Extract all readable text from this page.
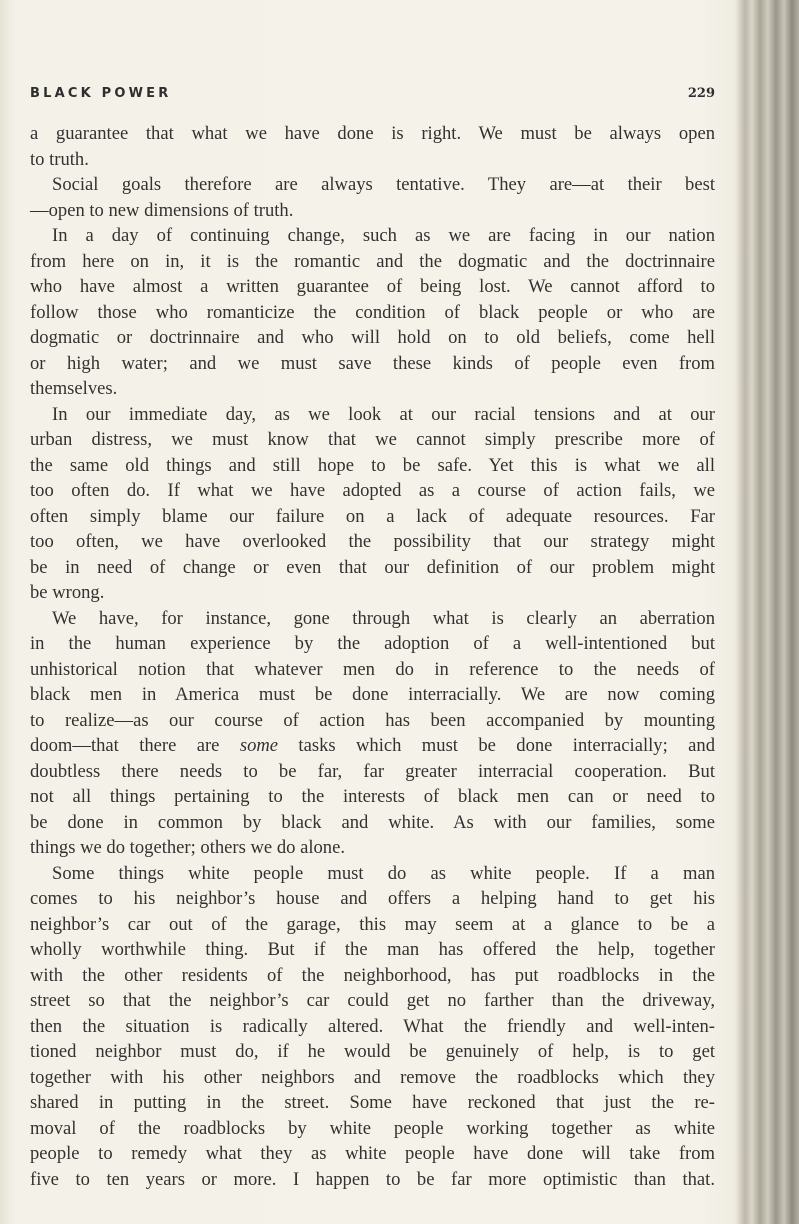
BLACK POWER	229
a guarantee that what we have done is right. We must be always open
to truth.
Social goals therefore are always tentative. They are—at their best
—open to new dimensions of truth.
In a day of continuing change, such as we are facing in our nation
from here on in, it is the romantic and the dogmatic and the doctrinnaire
who have almost a written guarantee of being lost. We cannot afford to
follow those who romanticize the condition of black people or who are
dogmatic or doctrinnaire and who will hold on to old beliefs, come hell
or high water; and we must save these kinds of people even from
themselves.
In our immediate day, as we look at our racial tensions and at our
urban distress, we must know that we cannot simply prescribe more of
the same old things and still hope to be safe. Yet this is what we all
too often do. If what we have adopted as a course of action fails, we
often simply blame our failure on a lack of adequate resources. Far
too often, we have overlooked the possibility that our strategy might
be in need of change or even that our definition of our problem might
be wrong.
We have, for instance, gone through what is clearly an aberration
in the human experience by the adoption of a well-intentioned but
unhistorical notion that whatever men do in reference to the needs of
black men in America must be done interracially. We are now coming
to realize—as our course of action has been accompanied by mounting
doom—that there are some tasks which must be done interracially; and
doubtless there needs to be far, far greater interracial cooperation. But
not all things pertaining to the interests of black men can or need to
be done in common by black and white. As with our families, some
things we do together; others we do alone.
Some things white people must do as white people. If a man
comes to his neighbor’s house and offers a helping hand to get his
neighbor’s car out of the garage, this may seem at a glance to be a
wholly worthwhile thing. But if the man has offered the help, together
with the other residents of the neighborhood, has put roadblocks in the
street so that the neighbor’s car could get no farther than the driveway,
then the situation is radically altered. What the friendly and well-inten-
tioned neighbor must do, if he would be genuinely of help, is to get
together with his other neighbors and remove the roadblocks which they
shared in putting in the street. Some have reckoned that just the re-
moval of the roadblocks by white people working together as white
people to remedy what they as white people have done will take from
five to ten years or more. I happen to be far more optimistic than that.
